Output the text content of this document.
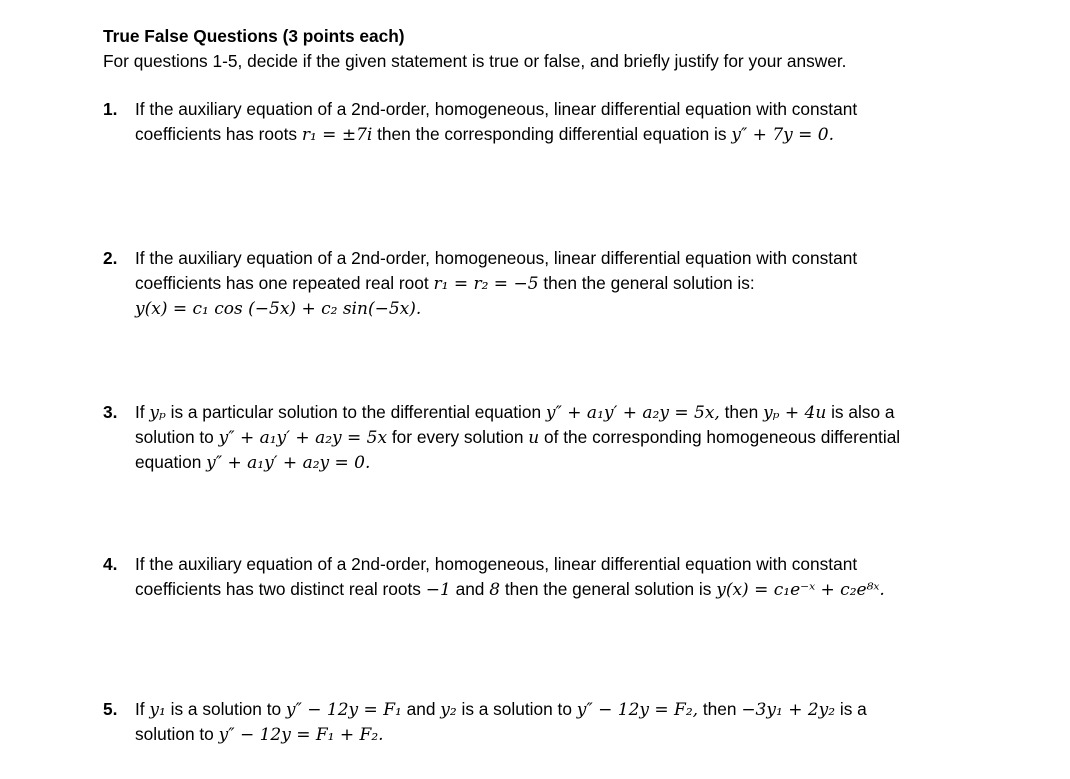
True False Questions (3 points each)
For questions 1-5, decide if the given statement is true or false, and briefly justify for your answer.
1. If the auxiliary equation of a 2nd-order, homogeneous, linear differential equation with constant
coefficients has roots r₁ = ±7i then the corresponding differential equation is y″ + 7y = 0.
2. If the auxiliary equation of a 2nd-order, homogeneous, linear differential equation with constant
coefficients has one repeated real root r₁ = r₂ = −5 then the general solution is:
y(x) = c₁ cos (−5x) + c₂ sin(−5x).
3. If yₚ is a particular solution to the differential equation y″ + a₁y′ + a₂y = 5x, then yₚ + 4u is also a
solution to y″ + a₁y′ + a₂y = 5x for every solution u of the corresponding homogeneous differential
equation y″ + a₁y′ + a₂y = 0.
4. If the auxiliary equation of a 2nd-order, homogeneous, linear differential equation with constant
coefficients has two distinct real roots −1 and 8 then the general solution is y(x) = c₁e⁻ˣ + c₂e⁸ˣ.
5. If y₁ is a solution to y″ − 12y = F₁ and y₂ is a solution to y″ − 12y = F₂, then −3y₁ + 2y₂ is a
solution to y″ − 12y = F₁ + F₂.
